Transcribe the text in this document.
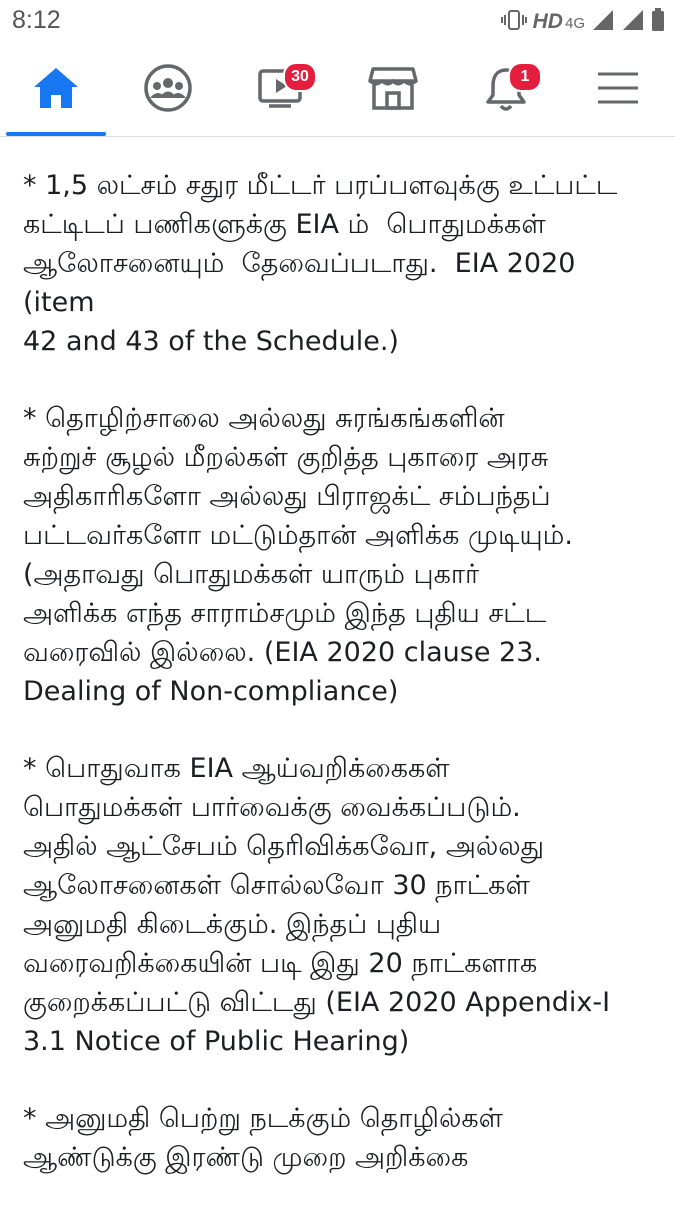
8:12	HD 4G
30	1

* 1,5 லட்சம் சதுர மீட்டர் பரப்பளவுக்கு உட்பட்ட
கட்டிடப் பணிகளுக்கு EIA ம்  பொதுமக்கள்
ஆலோசனையும்  தேவைப்படாது.  EIA 2020
(item
42 and 43 of the Schedule.)

* தொழிற்சாலை அல்லது சுரங்கங்களின்
சுற்றுச் சூழல் மீறல்கள் குறித்த புகாரை அரசு
அதிகாரிகளோ அல்லது பிராஜக்ட் சம்பந்தப்
பட்டவர்களோ மட்டும்தான் அளிக்க முடியும்.
(அதாவது பொதுமக்கள் யாரும் புகார்
அளிக்க எந்த சாராம்சமும் இந்த புதிய சட்ட
வரைவில் இல்லை. (EIA 2020 clause 23.
Dealing of Non-compliance)

* பொதுவாக EIA ஆய்வறிக்கைகள்
பொதுமக்கள் பார்வைக்கு வைக்கப்படும்.
அதில் ஆட்சேபம் தெரிவிக்கவோ, அல்லது
ஆலோசனைகள் சொல்லவோ 30 நாட்கள்
அனுமதி கிடைக்கும். இந்தப் புதிய
வரைவறிக்கையின் படி இது 20 நாட்களாக
குறைக்கப்பட்டு விட்டது (EIA 2020 Appendix-I
3.1 Notice of Public Hearing)

* அனுமதி பெற்று நடக்கும் தொழில்கள்
ஆண்டுக்கு இரண்டு முறை அறிக்கை
